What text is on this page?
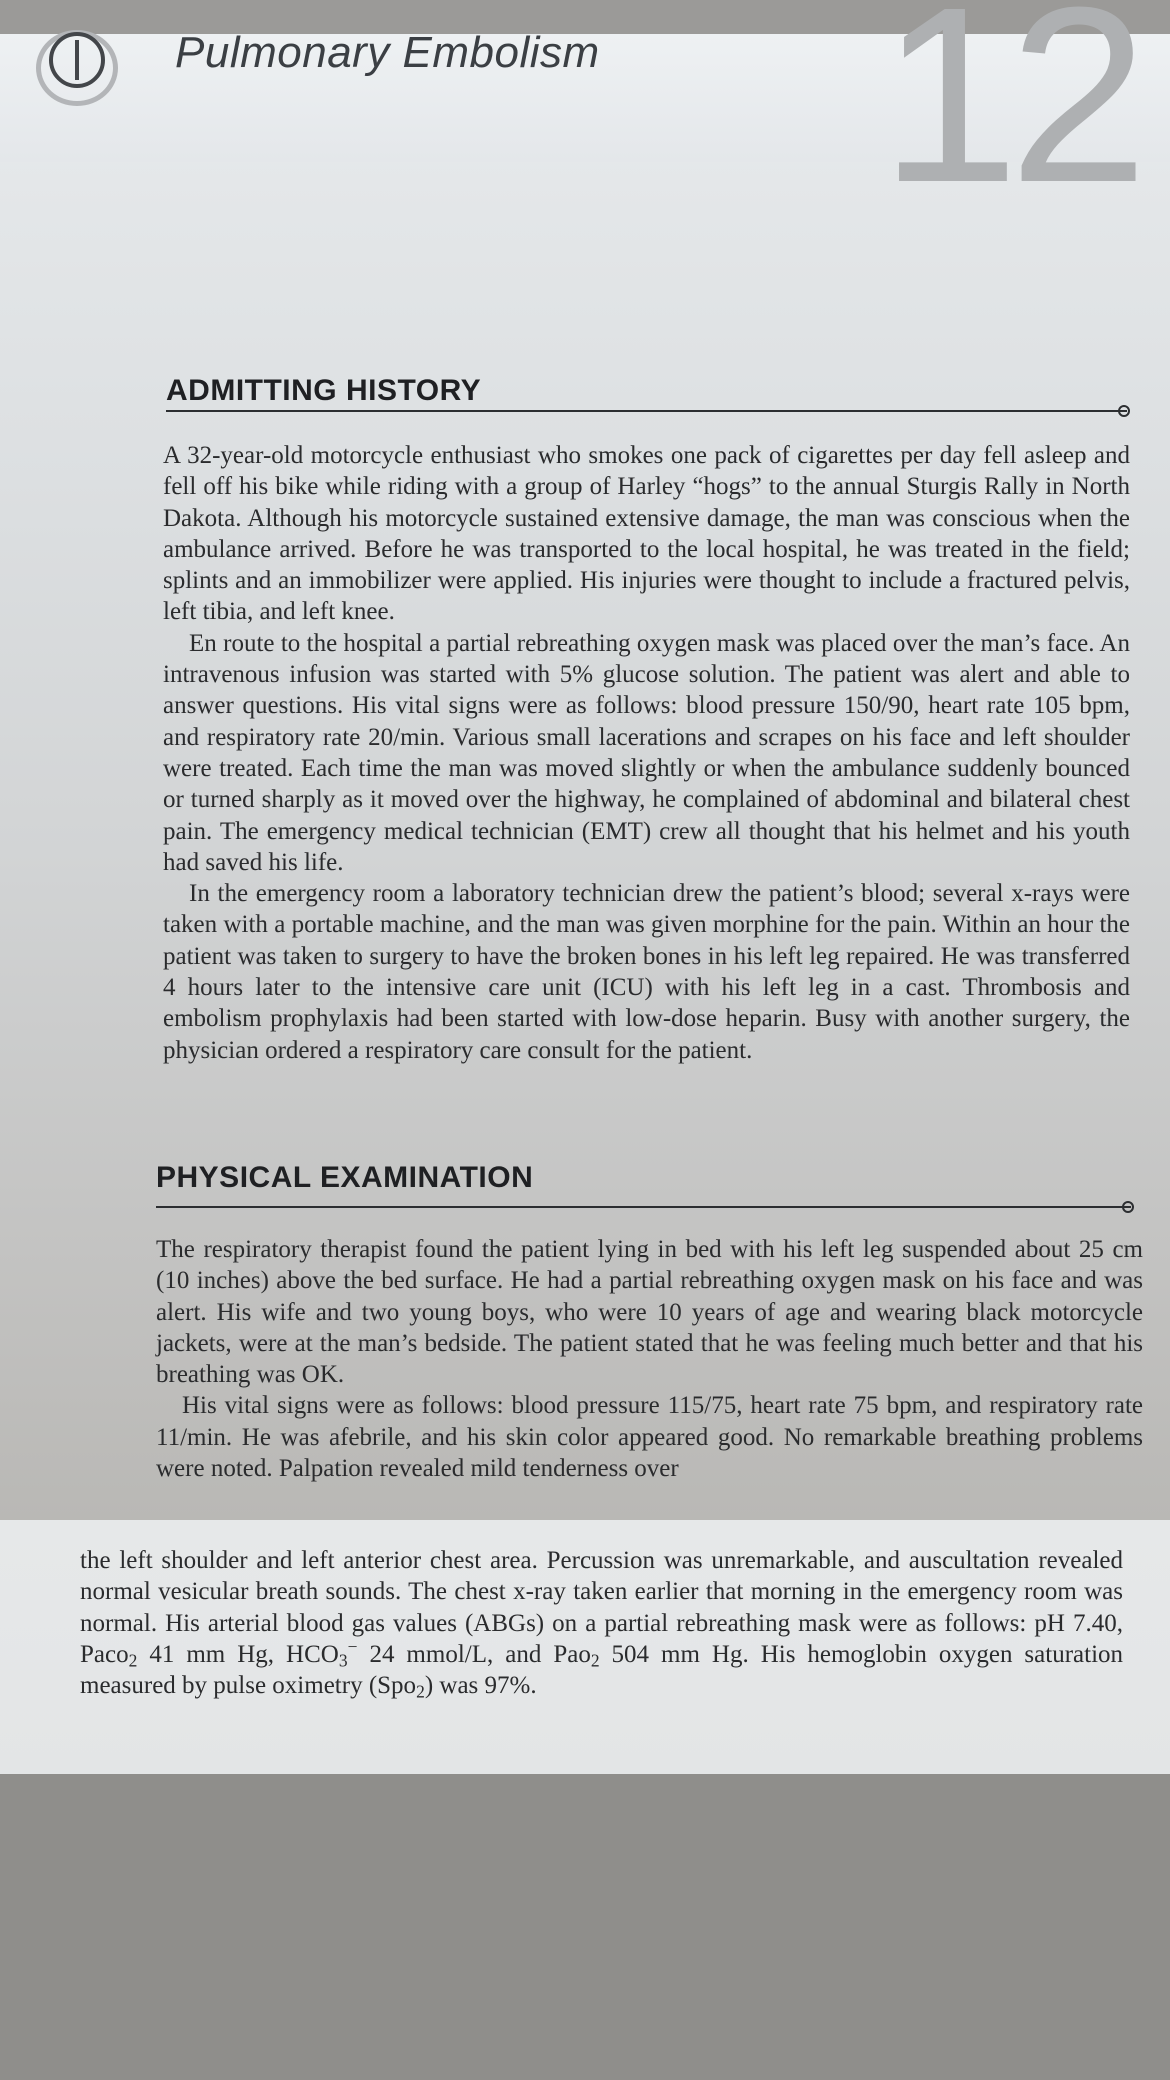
Pulmonary Embolism 12
ADMITTING HISTORY

A 32-year-old motorcycle enthusiast who smokes one pack of cigarettes per day fell asleep and fell off his bike while riding with a group of Harley “hogs” to the annual Sturgis Rally in North Dakota. Although his motorcycle sustained extensive damage, the man was conscious when the ambulance arrived. Before he was transported to the local hospital, he was treated in the field; splints and an immobilizer were applied. His injuries were thought to include a fractured pelvis, left tibia, and left knee.

En route to the hospital a partial rebreathing oxygen mask was placed over the man’s face. An intravenous infusion was started with 5% glucose solution. The patient was alert and able to answer questions. His vital signs were as follows: blood pressure 150/90, heart rate 105 bpm, and respiratory rate 20/min. Various small lacerations and scrapes on his face and left shoulder were treated. Each time the man was moved slightly or when the ambulance suddenly bounced or turned sharply as it moved over the highway, he complained of abdominal and bilateral chest pain. The emergency medical technician (EMT) crew all thought that his helmet and his youth had saved his life.

In the emergency room a laboratory technician drew the patient’s blood; several x-rays were taken with a portable machine, and the man was given morphine for the pain. Within an hour the patient was taken to surgery to have the broken bones in his left leg repaired. He was transferred 4 hours later to the intensive care unit (ICU) with his left leg in a cast. Thrombosis and embolism prophylaxis had been started with low-dose heparin. Busy with another surgery, the physician ordered a respiratory care consult for the patient.

PHYSICAL EXAMINATION

The respiratory therapist found the patient lying in bed with his left leg suspended about 25 cm (10 inches) above the bed surface. He had a partial rebreathing oxygen mask on his face and was alert. His wife and two young boys, who were 10 years of age and wearing black motorcycle jackets, were at the man’s bedside. The patient stated that he was feeling much better and that his breathing was OK.

His vital signs were as follows: blood pressure 115/75, heart rate 75 bpm, and respiratory rate 11/min. He was afebrile, and his skin color appeared good. No remarkable breathing problems were noted. Palpation revealed mild tenderness over

the left shoulder and left anterior chest area. Percussion was unremarkable, and auscultation revealed normal vesicular breath sounds. The chest x-ray taken earlier that morning in the emergency room was normal. His arterial blood gas values (ABGs) on a partial rebreathing mask were as follows: pH 7.40, Paco$_2$ 41 mm Hg, $HCO_3^-$ 24 mmol/L, and Pao$_2$ 504 mm Hg. His hemoglobin oxygen saturation measured by pulse oximetry (Spo$_2$) was 97%.
